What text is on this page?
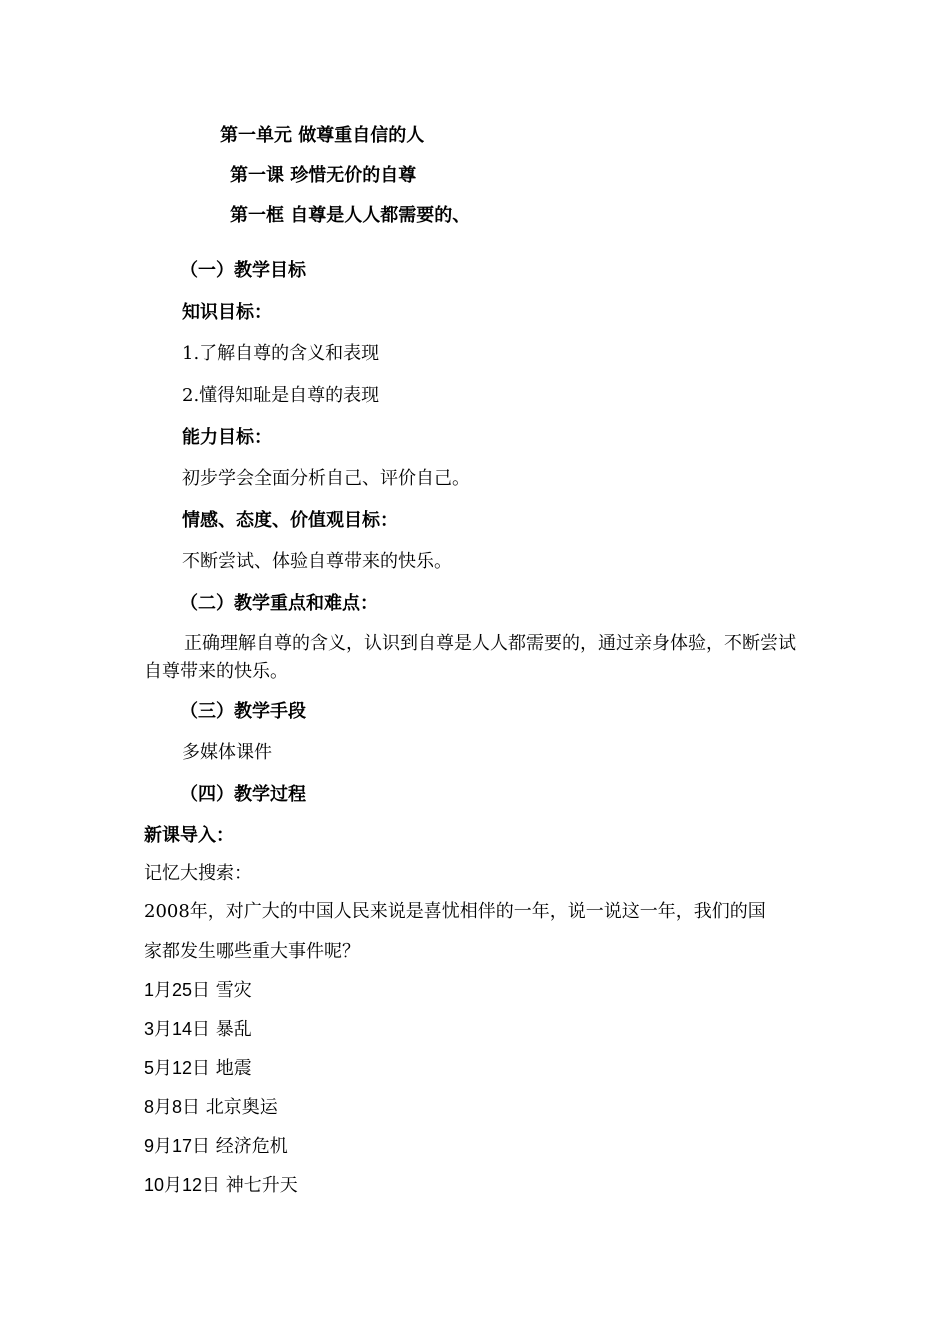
第一单元 做尊重自信的人
第一课 珍惜无价的自尊
第一框 自尊是人人都需要的、
（一）教学目标
知识目标：
1.了解自尊的含义和表现
2.懂得知耻是自尊的表现
能力目标：
初步学会全面分析自己、评价自己。
情感、态度、价值观目标：
不断尝试、体验自尊带来的快乐。
（二）教学重点和难点：
正确理解自尊的含义，认识到自尊是人人都需要的，通过亲身体验，不断尝试自尊带来的快乐。
（三）教学手段
多媒体课件
（四）教学过程
新课导入：
记忆大搜索：
2008年，对广大的中国人民来说是喜忧相伴的一年，说一说这一年，我们的国
家都发生哪些重大事件呢？
1月25日 雪灾
3月14日 暴乱
5月12日 地震
8月8日 北京奥运
9月17日 经济危机
10月12日 神七升天
